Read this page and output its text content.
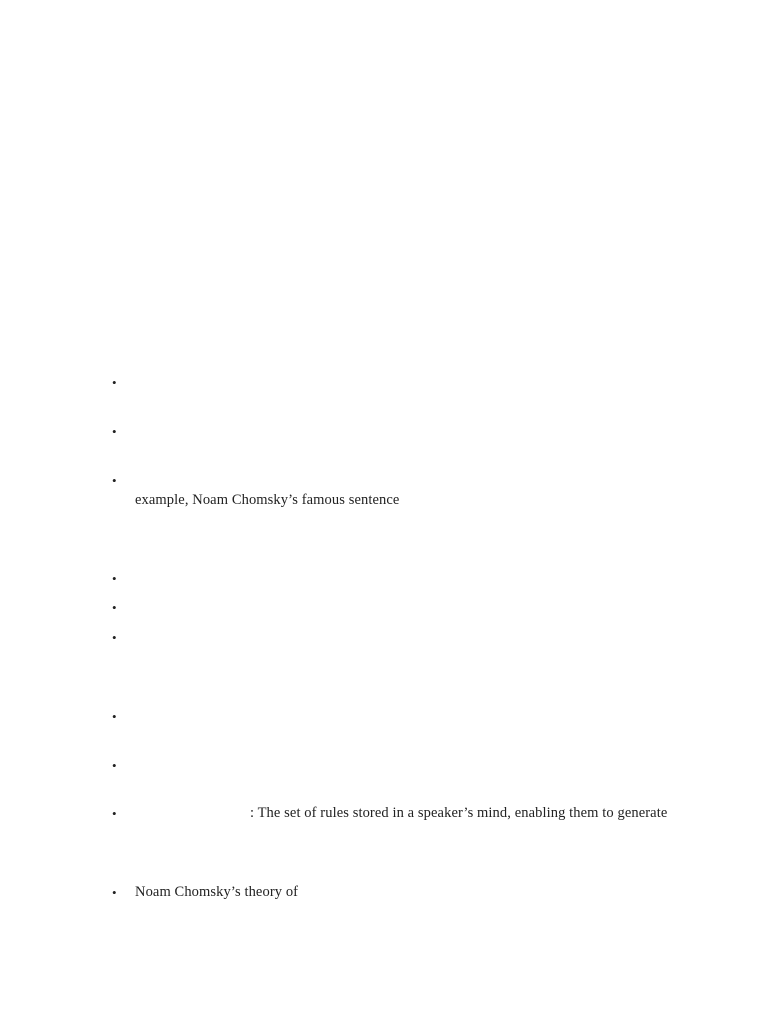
•
•
•
example, Noam Chomsky’s famous sentence
•
•
•
•
•
•	: The set of rules stored in a speaker’s mind, enabling them to generate
•	Noam Chomsky’s theory of
